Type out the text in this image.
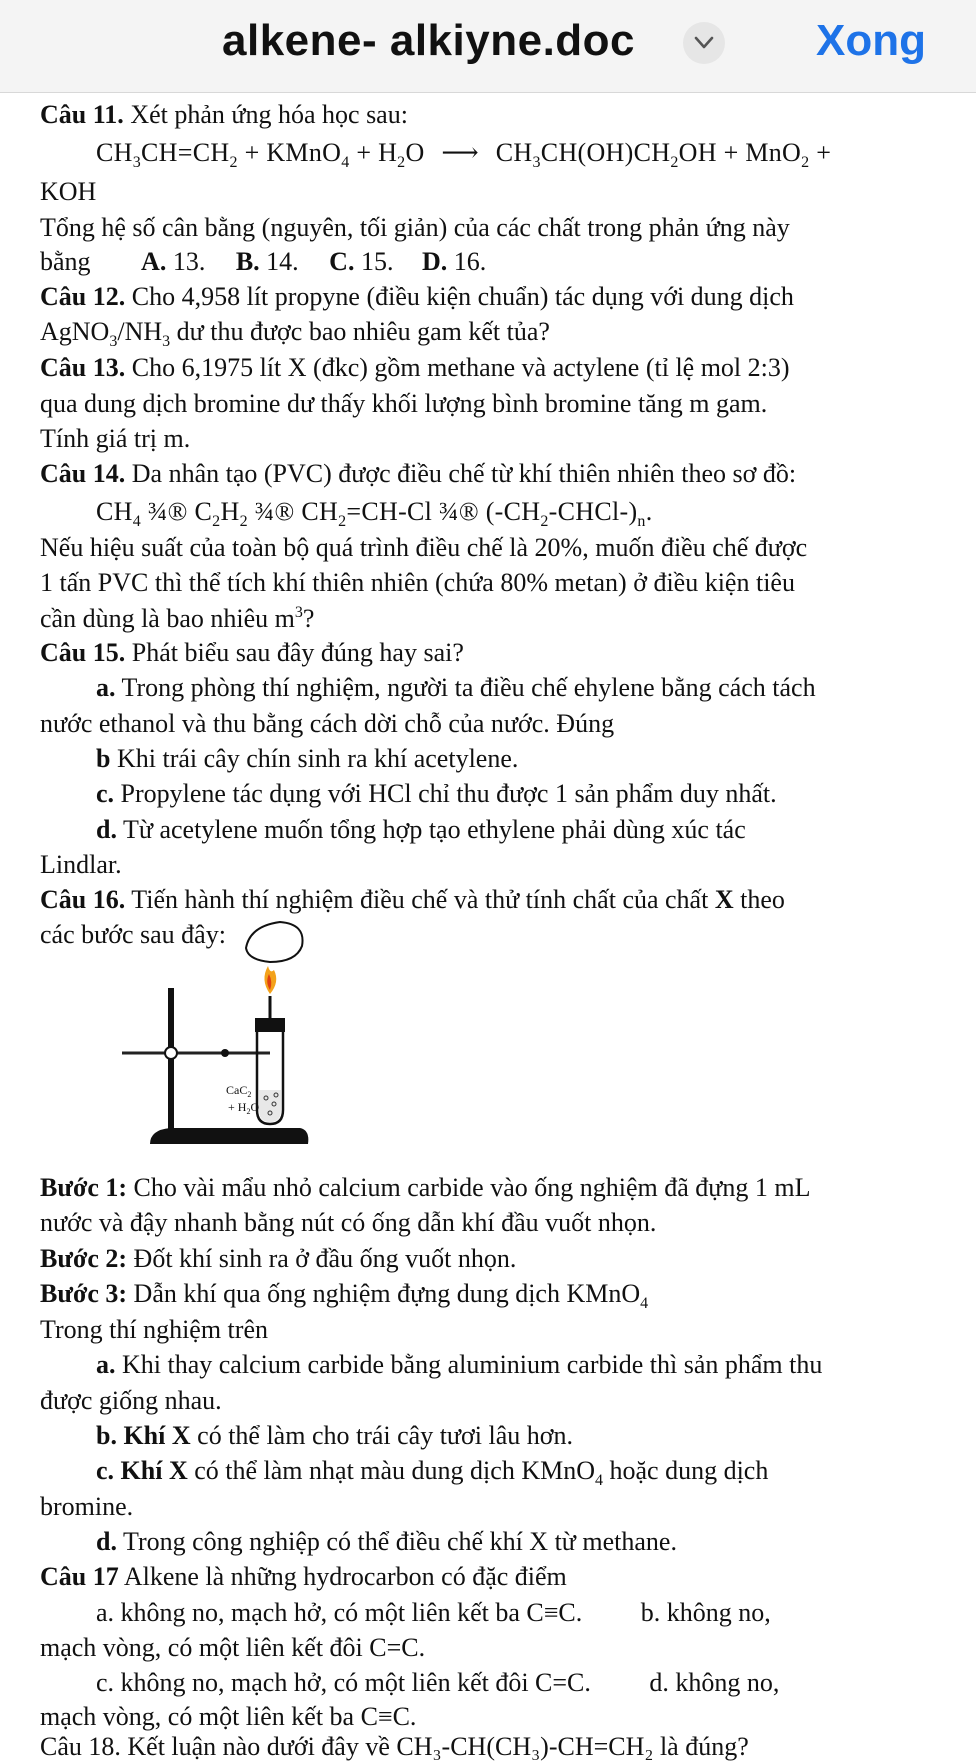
alkene- alkiyne.doc	Xong
Câu 11. Xét phản ứng hóa học sau:
$CH_3CH=CH_2$ + KMnO$_4$ + $H_2O$ ⟶ $CH_3CH(OH)CH_2OH + MnO_2$ +
KOH
Tổng hệ số cân bằng (nguyên, tối giản) của các chất trong phản ứng này
bằng A. 13. B. 14. C. 15. D. 16.
Câu 12. Cho 4,958 lít propyne (điều kiện chuẩn) tác dụng với dung dịch
$AgNO_3/NH_3$ dư thu được bao nhiêu gam kết tủa?
Câu 13. Cho 6,1975 lít X (đkc) gồm methane và actylene (tỉ lệ mol 2:3)
qua dung dịch bromine dư thấy khối lượng bình bromine tăng m gam.
Tính giá trị m.
Câu 14. Da nhân tạo (PVC) được điều chế từ khí thiên nhiên theo sơ đồ:
$CH_4$ ¾® $C_2H_2$ ¾® $CH_2=CH-Cl$ ¾® $(-CH_2-CHCl-)_n$.
Nếu hiệu suất của toàn bộ quá trình điều chế là 20%, muốn điều chế được
1 tấn PVC thì thể tích khí thiên nhiên (chứa 80% metan) ở điều kiện tiêu
cần dùng là bao nhiêu $m^3$?
Câu 15. Phát biểu sau đây đúng hay sai?
a. Trong phòng thí nghiệm, người ta điều chế ehylene bằng cách tách
nước ethanol và thu bằng cách dời chỗ của nước. Đúng
b Khi trái cây chín sinh ra khí acetylene.
c. Propylene tác dụng với HCl chỉ thu được 1 sản phẩm duy nhất.
d. Từ acetylene muốn tổng hợp tạo ethylene phải dùng xúc tác
Lindlar.
Câu 16. Tiến hành thí nghiệm điều chế và thử tính chất của chất X theo
các bước sau đây:
CaC$_2$
+ $H_2O$
Bước 1: Cho vài mẩu nhỏ calcium carbide vào ống nghiệm đã đựng 1 mL
nước và đậy nhanh bằng nút có ống dẫn khí đầu vuốt nhọn.
Bước 2: Đốt khí sinh ra ở đầu ống vuốt nhọn.
Bước 3: Dẫn khí qua ống nghiệm đựng dung dịch KMnO$_4$
Trong thí nghiệm trên
a. Khi thay calcium carbide bằng aluminium carbide thì sản phẩm thu
được giống nhau.
b. Khí X có thể làm cho trái cây tươi lâu hơn.
c. Khí X có thể làm nhạt màu dung dịch KMnO$_4$ hoặc dung dịch
bromine.
d. Trong công nghiệp có thể điều chế khí X từ methane.
Câu 17 Alkene là những hydrocarbon có đặc điểm
a. không no, mạch hở, có một liên kết ba C≡C. b. không no,
mạch vòng, có một liên kết đôi C=C.
c. không no, mạch hở, có một liên kết đôi C=C. d. không no,
mạch vòng, có một liên kết ba C≡C.
Câu 18. Kết luận nào dưới đây về CH₃-CH(CH₃)-CH=CH₂ là đúng?
